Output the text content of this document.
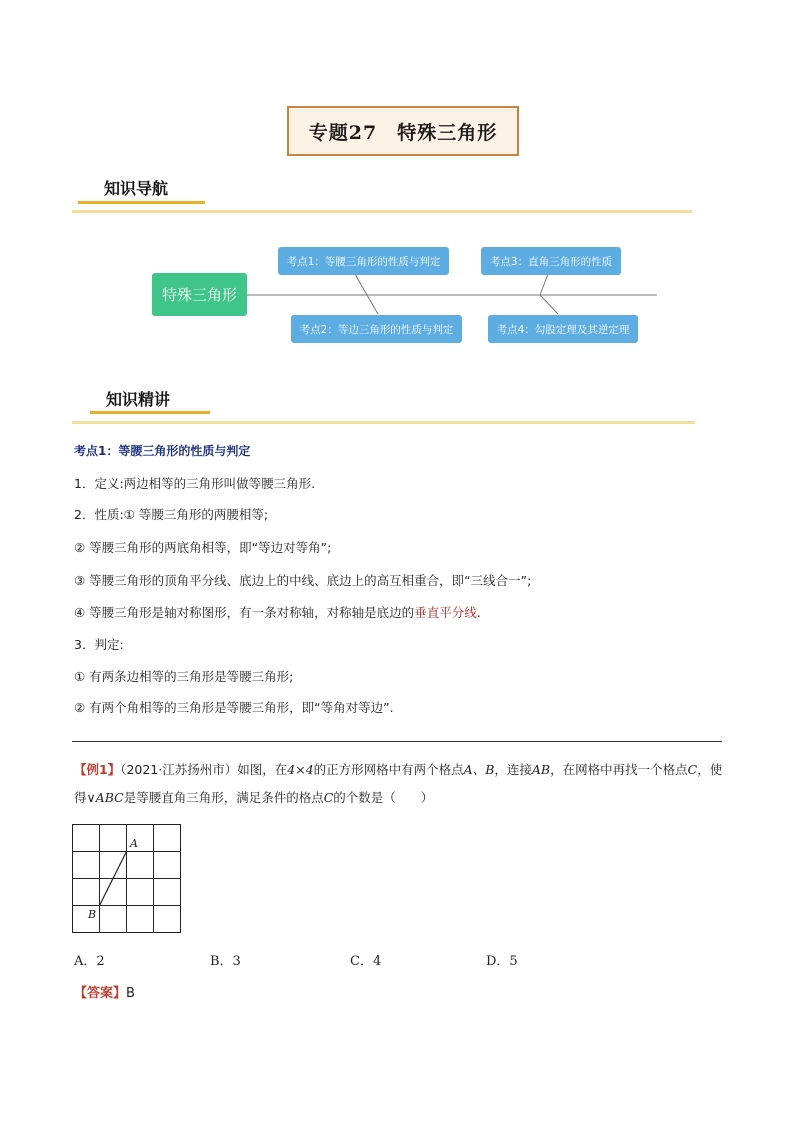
专题27　特殊三角形
知识导航
特殊三角形
考点1：等腰三角形的性质与判定
考点2：等边三角形的性质与判定
考点3：直角三角形的性质
考点4：勾股定理及其逆定理
知识精讲
考点1：等腰三角形的性质与判定
1．定义:两边相等的三角形叫做等腰三角形.
2．性质:① 等腰三角形的两腰相等;
② 等腰三角形的两底角相等，即“等边对等角”;
③ 等腰三角形的顶角平分线、底边上的中线、底边上的高互相重合，即“三线合一”;
④ 等腰三角形是轴对称图形，有一条对称轴，对称轴是底边的垂直平分线.
3．判定:
① 有两条边相等的三角形是等腰三角形;
② 有两个角相等的三角形是等腰三角形，即“等角对等边”.
【例1】（2021·江苏扬州市）如图，在4×4的正方形网格中有两个格点A、B，连接AB，在网格中再找一个格点C，使得∨ABC是等腰直角三角形，满足条件的格点C的个数是（　　）
A
B
A．2	B．3	C．4	D．5
【答案】B
